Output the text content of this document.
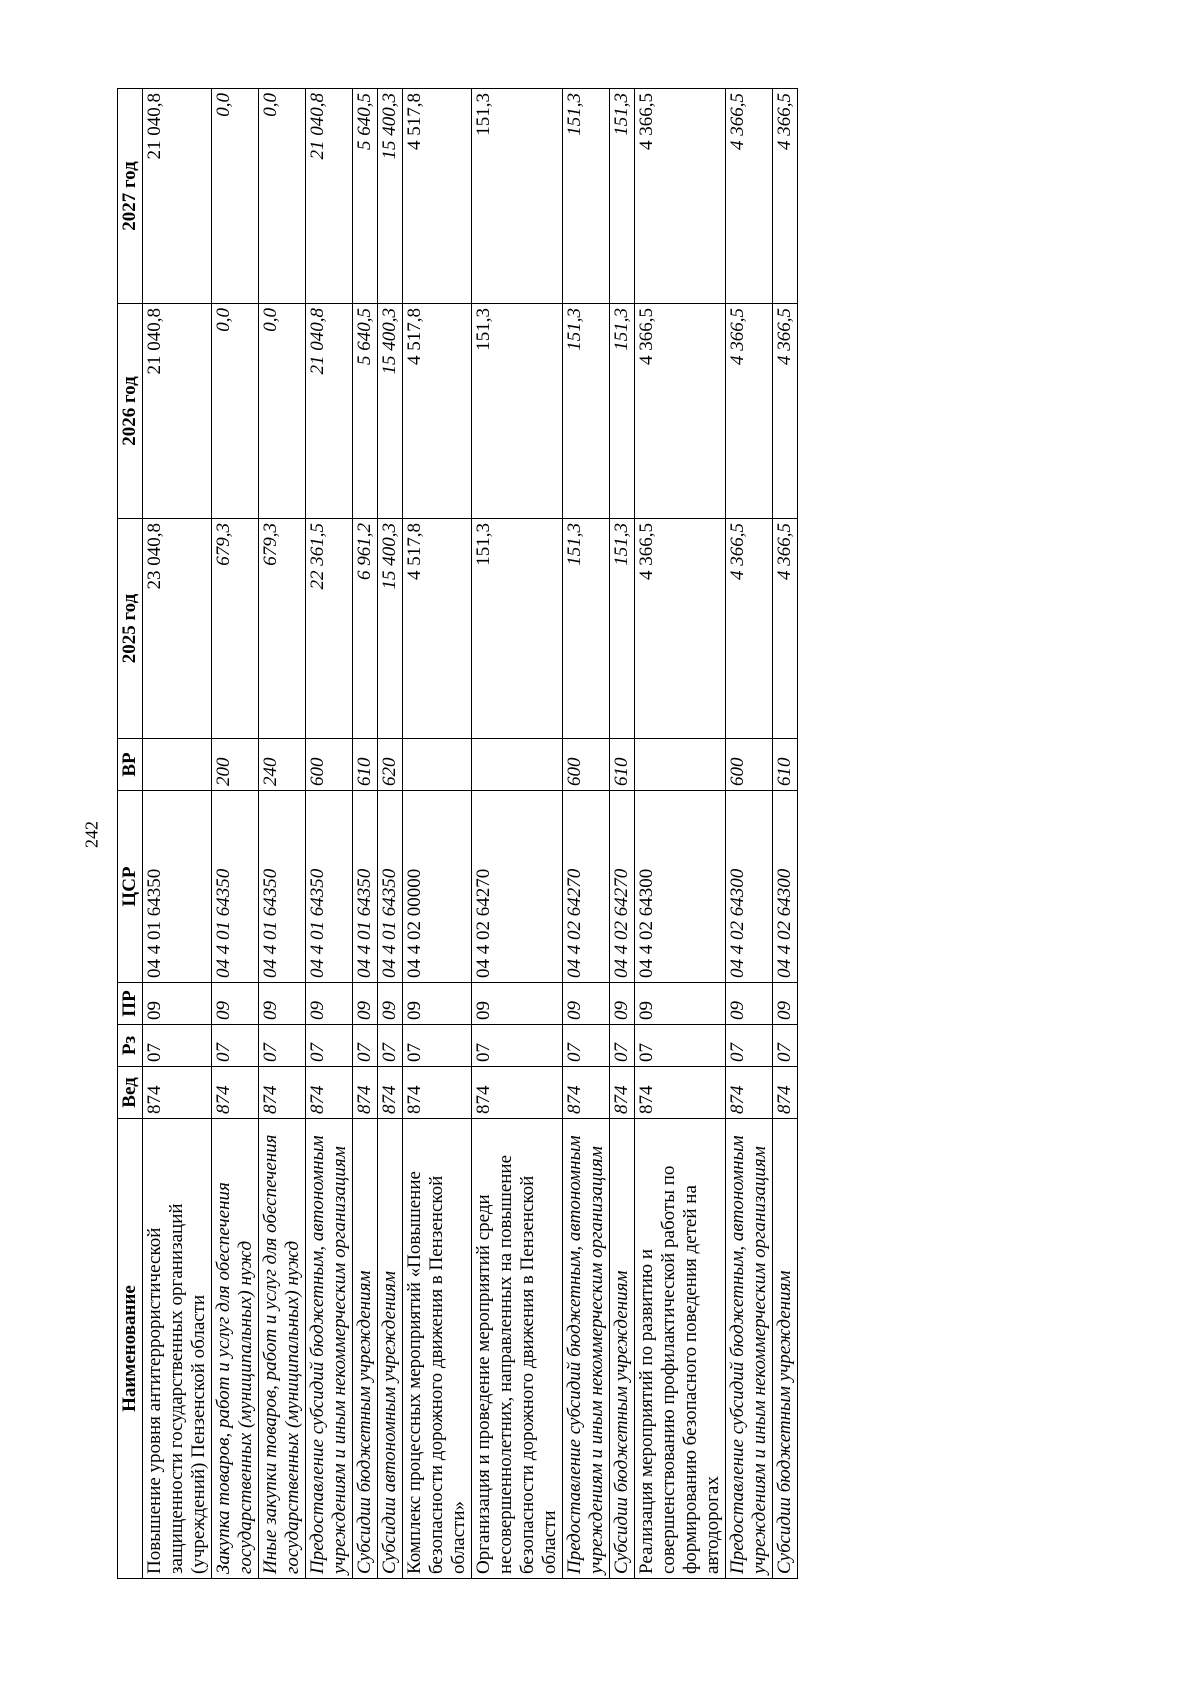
242
Наименование	Вед	Рз	ПР	ЦСР	ВР	2025 год	2026 год	2027 год
Повышение уровня антитеррористической защищенности государственных организаций (учреждений) Пензенской области	874	07	09	04 4 01 64350		23 040,8	21 040,8	21 040,8
Закупка товаров, работ и услуг для обеспечения государственных (муниципальных) нужд	874	07	09	04 4 01 64350	200	679,3	0,0	0,0
Иные закупки товаров, работ и услуг для обеспечения государственных (муниципальных) нужд	874	07	09	04 4 01 64350	240	679,3	0,0	0,0
Предоставление субсидий бюджетным, автономным учреждениям и иным некоммерческим организациям	874	07	09	04 4 01 64350	600	22 361,5	21 040,8	21 040,8
Субсидии бюджетным учреждениям	874	07	09	04 4 01 64350	610	6 961,2	5 640,5	5 640,5
Субсидии автономным учреждениям	874	07	09	04 4 01 64350	620	15 400,3	15 400,3	15 400,3
Комплекс процессных мероприятий «Повышение безопасности дорожного движения в Пензенской области»	874	07	09	04 4 02 00000		4 517,8	4 517,8	4 517,8
Организация и проведение мероприятий среди несовершеннолетних, направленных на повышение безопасности дорожного движения в Пензенской области	874	07	09	04 4 02 64270		151,3	151,3	151,3
Предоставление субсидий бюджетным, автономным учреждениям и иным некоммерческим организациям	874	07	09	04 4 02 64270	600	151,3	151,3	151,3
Субсидии бюджетным учреждениям	874	07	09	04 4 02 64270	610	151,3	151,3	151,3
Реализация мероприятий по развитию и совершенствованию профилактической работы по формированию безопасного поведения детей на автодорогах	874	07	09	04 4 02 64300		4 366,5	4 366,5	4 366,5
Предоставление субсидий бюджетным, автономным учреждениям и иным некоммерческим организациям	874	07	09	04 4 02 64300	600	4 366,5	4 366,5	4 366,5
Субсидии бюджетным учреждениям	874	07	09	04 4 02 64300	610	4 366,5	4 366,5	4 366,5
